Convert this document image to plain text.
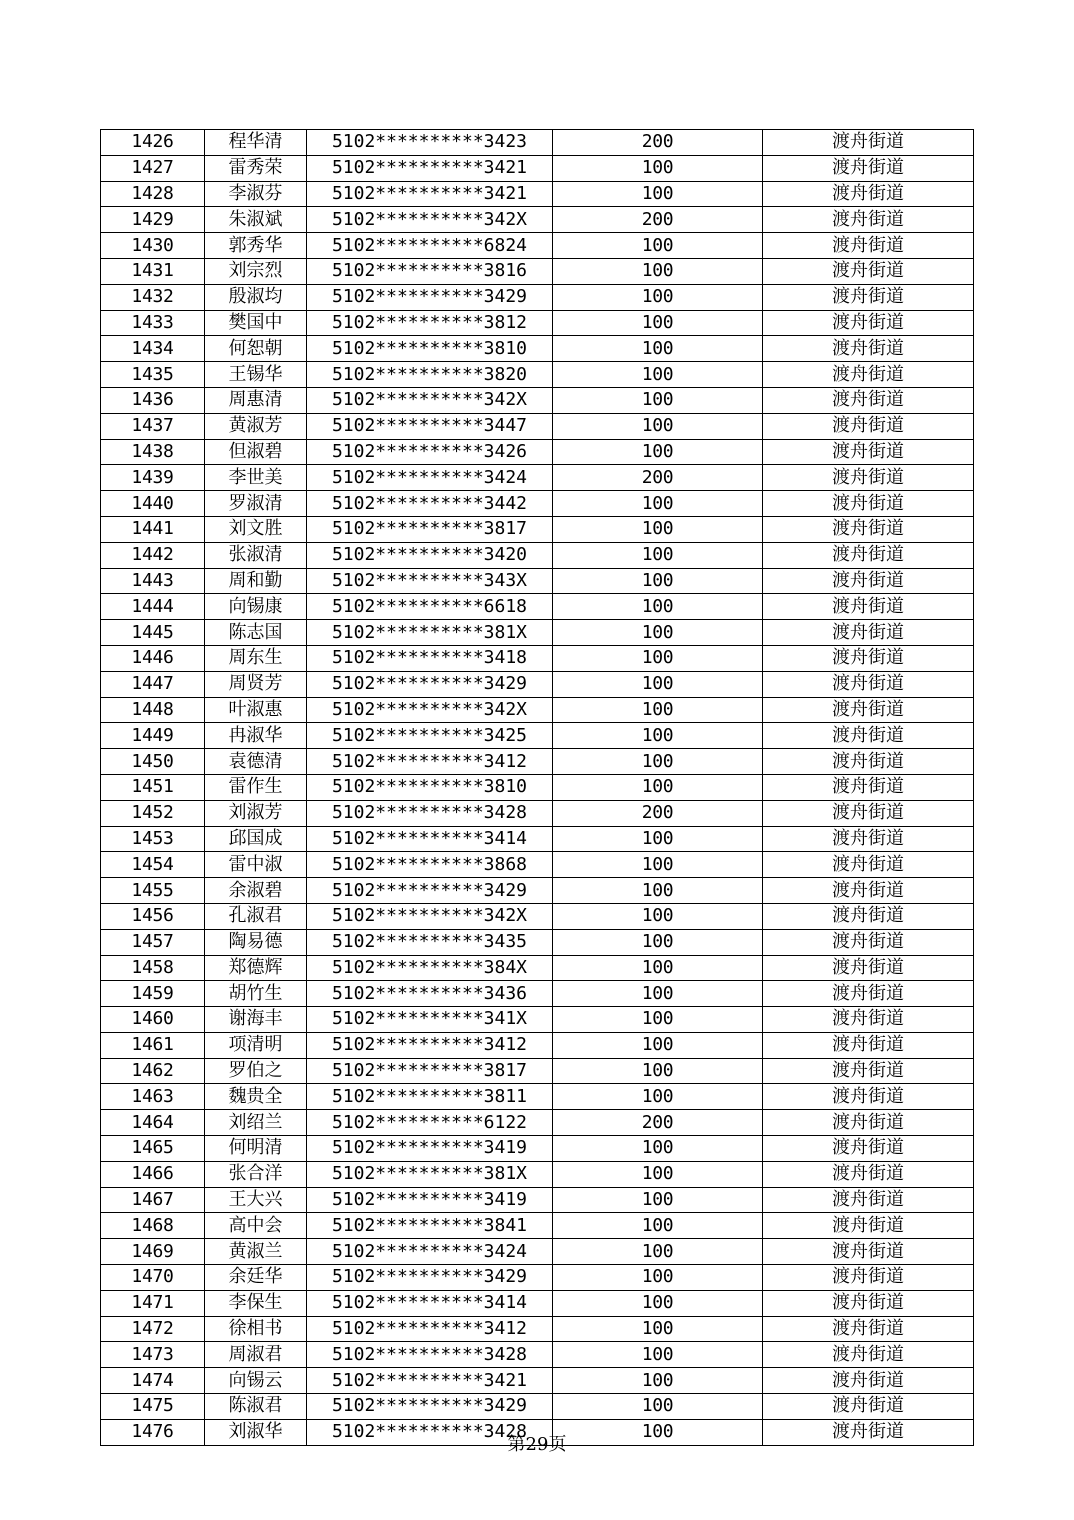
1426	程华清	5102**********3423	200	渡舟街道
1427	雷秀荣	5102**********3421	100	渡舟街道
1428	李淑芬	5102**********3421	100	渡舟街道
1429	朱淑斌	5102**********342X	200	渡舟街道
1430	郭秀华	5102**********6824	100	渡舟街道
1431	刘宗烈	5102**********3816	100	渡舟街道
1432	殷淑均	5102**********3429	100	渡舟街道
1433	樊国中	5102**********3812	100	渡舟街道
1434	何恕朝	5102**********3810	100	渡舟街道
1435	王锡华	5102**********3820	100	渡舟街道
1436	周惠清	5102**********342X	100	渡舟街道
1437	黄淑芳	5102**********3447	100	渡舟街道
1438	但淑碧	5102**********3426	100	渡舟街道
1439	李世美	5102**********3424	200	渡舟街道
1440	罗淑清	5102**********3442	100	渡舟街道
1441	刘文胜	5102**********3817	100	渡舟街道
1442	张淑清	5102**********3420	100	渡舟街道
1443	周和勤	5102**********343X	100	渡舟街道
1444	向锡康	5102**********6618	100	渡舟街道
1445	陈志国	5102**********381X	100	渡舟街道
1446	周东生	5102**********3418	100	渡舟街道
1447	周贤芳	5102**********3429	100	渡舟街道
1448	叶淑惠	5102**********342X	100	渡舟街道
1449	冉淑华	5102**********3425	100	渡舟街道
1450	袁德清	5102**********3412	100	渡舟街道
1451	雷作生	5102**********3810	100	渡舟街道
1452	刘淑芳	5102**********3428	200	渡舟街道
1453	邱国成	5102**********3414	100	渡舟街道
1454	雷中淑	5102**********3868	100	渡舟街道
1455	余淑碧	5102**********3429	100	渡舟街道
1456	孔淑君	5102**********342X	100	渡舟街道
1457	陶易德	5102**********3435	100	渡舟街道
1458	郑德辉	5102**********384X	100	渡舟街道
1459	胡竹生	5102**********3436	100	渡舟街道
1460	谢海丰	5102**********341X	100	渡舟街道
1461	项清明	5102**********3412	100	渡舟街道
1462	罗伯之	5102**********3817	100	渡舟街道
1463	魏贵全	5102**********3811	100	渡舟街道
1464	刘绍兰	5102**********6122	200	渡舟街道
1465	何明清	5102**********3419	100	渡舟街道
1466	张合洋	5102**********381X	100	渡舟街道
1467	王大兴	5102**********3419	100	渡舟街道
1468	高中会	5102**********3841	100	渡舟街道
1469	黄淑兰	5102**********3424	100	渡舟街道
1470	余廷华	5102**********3429	100	渡舟街道
1471	李保生	5102**********3414	100	渡舟街道
1472	徐相书	5102**********3412	100	渡舟街道
1473	周淑君	5102**********3428	100	渡舟街道
1474	向锡云	5102**********3421	100	渡舟街道
1475	陈淑君	5102**********3429	100	渡舟街道
1476	刘淑华	5102**********3428	100	渡舟街道
第29页
